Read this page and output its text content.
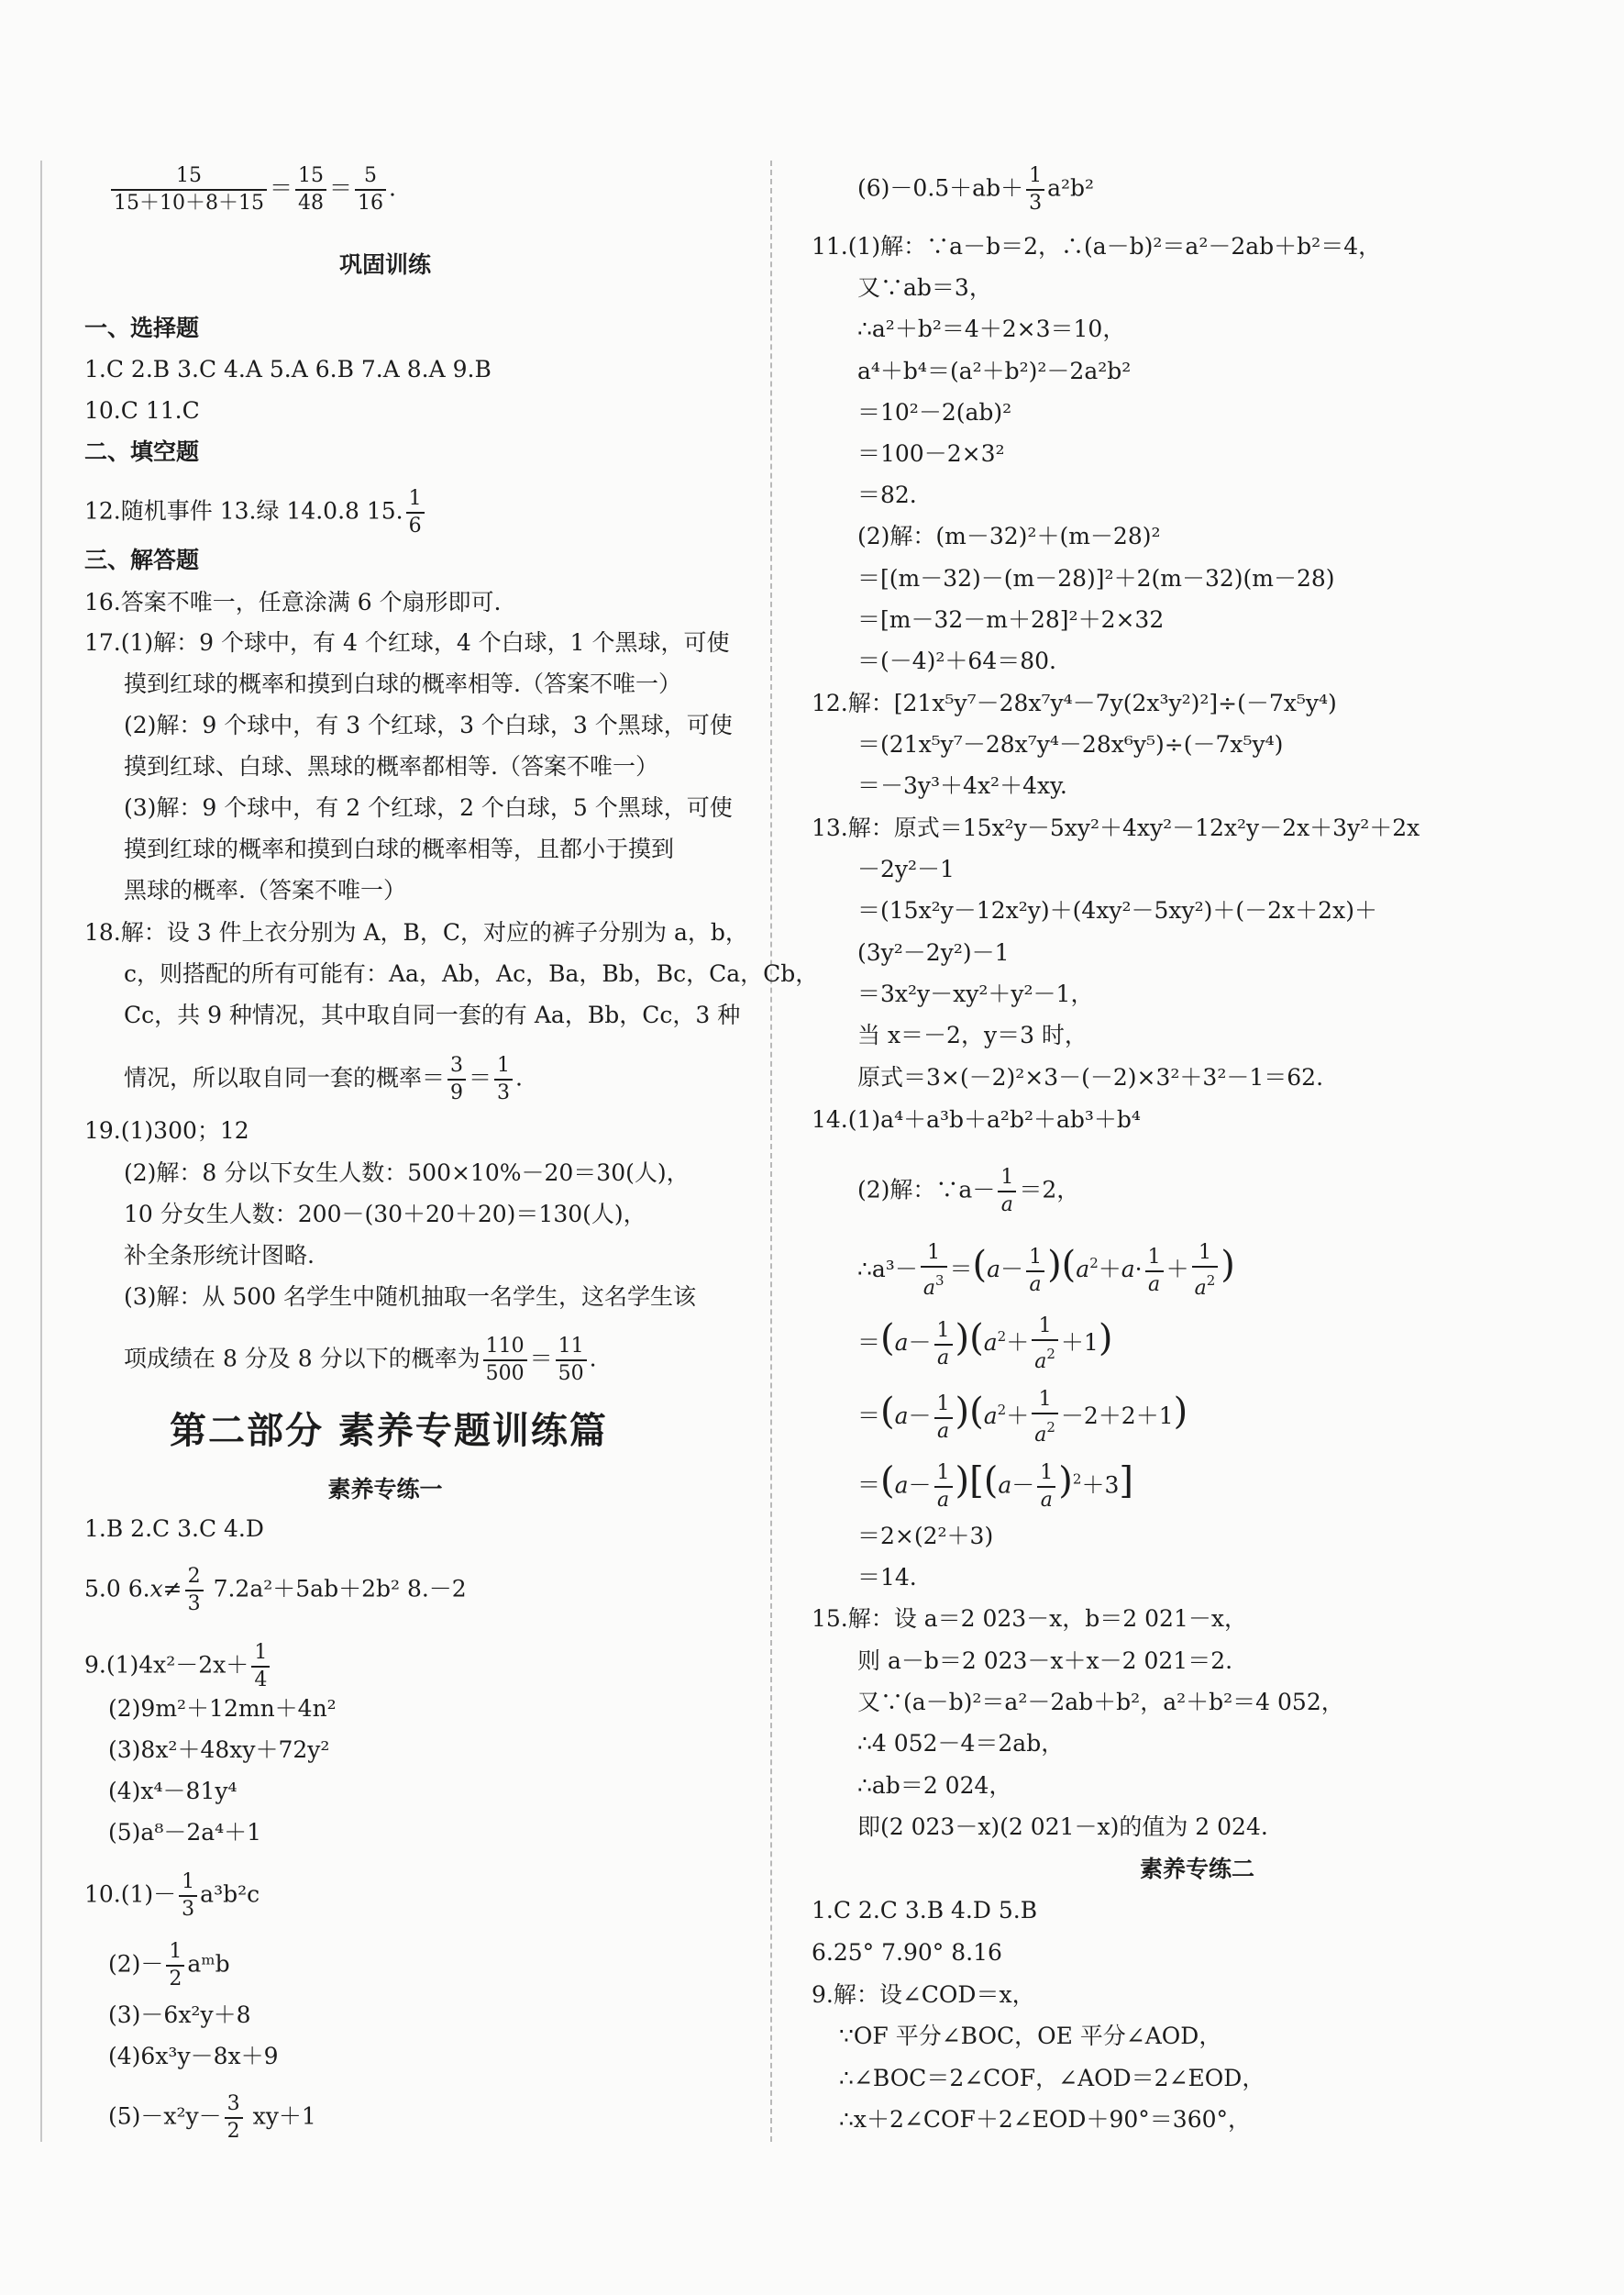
$\frac{15}{15+10+8+15} = \frac{15}{48} = \frac{5}{16}$ .
巩固训练
一、选择题
1.C 2.B 3.C 4.A 5.A 6.B 7.A 8.A 9.B
10.C 11.C
二、填空题
12.随机事件 13.绿 14.0.8 15. $\frac{1}{6}$
三、解答题
16.答案不唯一，任意涂满 6 个扇形即可.
17.(1)解：9 个球中，有 4 个红球，4 个白球，1 个黑球，可使
摸到红球的概率和摸到白球的概率相等.（答案不唯一）
(2)解：9 个球中，有 3 个红球，3 个白球，3 个黑球，可使
摸到红球、白球、黑球的概率都相等.（答案不唯一）
(3)解：9 个球中，有 2 个红球，2 个白球，5 个黑球，可使
摸到红球的概率和摸到白球的概率相等，且都小于摸到
黑球的概率.（答案不唯一）
18.解：设 3 件上衣分别为 A，B，C，对应的裤子分别为 a，b，
c，则搭配的所有可能有：Aa，Ab，Ac，Ba，Bb，Bc，Ca，Cb，
Cc，共 9 种情况，其中取自同一套的有 Aa，Bb，Cc，3 种
情况，所以取自同一套的概率＝ $\frac{3}{9} = \frac{1}{3}$ .
19.(1)300；12
(2)解：8 分以下女生人数：500×10%－20＝30(人)，
10 分女生人数：200－(30＋20＋20)＝130(人)，
补全条形统计图略.
(3)解：从 500 名学生中随机抽取一名学生，这名学生该
项成绩在 8 分及 8 分以下的概率为 $\frac{110}{500} = \frac{11}{50}$ .
第二部分 素养专题训练篇
素养专练一
1.B 2.C 3.C 4.D
5.0 $6.x\ne \frac{2}{3} 7.2a^2+5ab+2b^2$ 8.－2
$9.(1)4x^2-2x+ \frac{1}{4}$
(2)9m²＋12mn＋4n²
(3)8x²＋48xy＋72y²
(4)x⁴－81y⁴
(5)a⁸－2a⁴＋1
$10.(1)- \frac{1}{3} a^3b^2c$
$(2)- \frac{1}{2}$ aᵐb
(3)－6x²y＋8
(4)6x³y－8x＋9
$(5)-x^2y- \frac{3}{2} xy+1$
$(6)-0.5+ab+ \frac{1}{3} a^2b^2$
11.(1)解：∵a－b＝2，∴(a－b)²＝a²－2ab＋b²＝4，
又∵ab＝3，
∴a²＋b²＝4＋2×3＝10，
a⁴＋b⁴＝(a²＋b²)²－2a²b²
＝10²－2(ab)²
＝100－2×3²
＝82.
(2)解：(m－32)²＋(m－28)²
＝[(m－32)－(m－28)]²＋2(m－32)(m－28)
＝[m－32－m＋28]²＋2×32
＝(－4)²＋64＝80.
12.解：[21x⁵y⁷－28x⁷y⁴－7y(2x³y²)²]÷(－7x⁵y⁴)
＝(21x⁵y⁷－28x⁷y⁴－28x⁶y⁵)÷(－7x⁵y⁴)
＝－3y³＋4x²＋4xy.
13.解：原式＝15x²y－5xy²＋4xy²－12x²y－2x＋3y²＋2x
－2y²－1
＝(15x²y－12x²y)＋(4xy²－5xy²)＋(－2x＋2x)＋
(3y²－2y²)－1
＝3x²y－xy²＋y²－1，
当 x＝－2，y＝3 时，
原式＝3×(－2)²×3－(－2)×3²＋3²－1＝62.
14.(1)a⁴＋a³b＋a²b²＋ab³＋b⁴
(2)解：∵a－ $\frac{1}{a} =2$，
∴a³－ $\frac{1}{a^3} =(a- \frac{1}{a} )(a^2+a\cdot \frac{1}{a} + \frac{1}{a^2}$ )
$=(a- \frac{1}{a} )(a^2+ \frac{1}{a^2} +1)$
$=(a- \frac{1}{a} )(a^2+ \frac{1}{a^2} -2+2+1)$
$=(a- \frac{1}{a} )[(a- \frac{1}{a} )^2+3]$
＝2×(2²＋3)
＝14.
15.解：设 a＝2 023－x，b＝2 021－x，
则 a－b＝2 023－x＋x－2 021＝2.
又∵(a－b)²＝a²－2ab＋b²，a²＋b²＝4 052，
∴4 052－4＝2ab，
∴ab＝2 024，
即(2 023－x)(2 021－x)的值为 2 024.
素养专练二
1.C 2.C 3.B 4.D 5.B
6.25° 7.90° 8.16
9.解：设∠COD＝x，
∵OF 平分∠BOC，OE 平分∠AOD，
∴∠BOC＝2∠COF，∠AOD＝2∠EOD，
∴x＋2∠COF＋2∠EOD＋90°＝360°，
